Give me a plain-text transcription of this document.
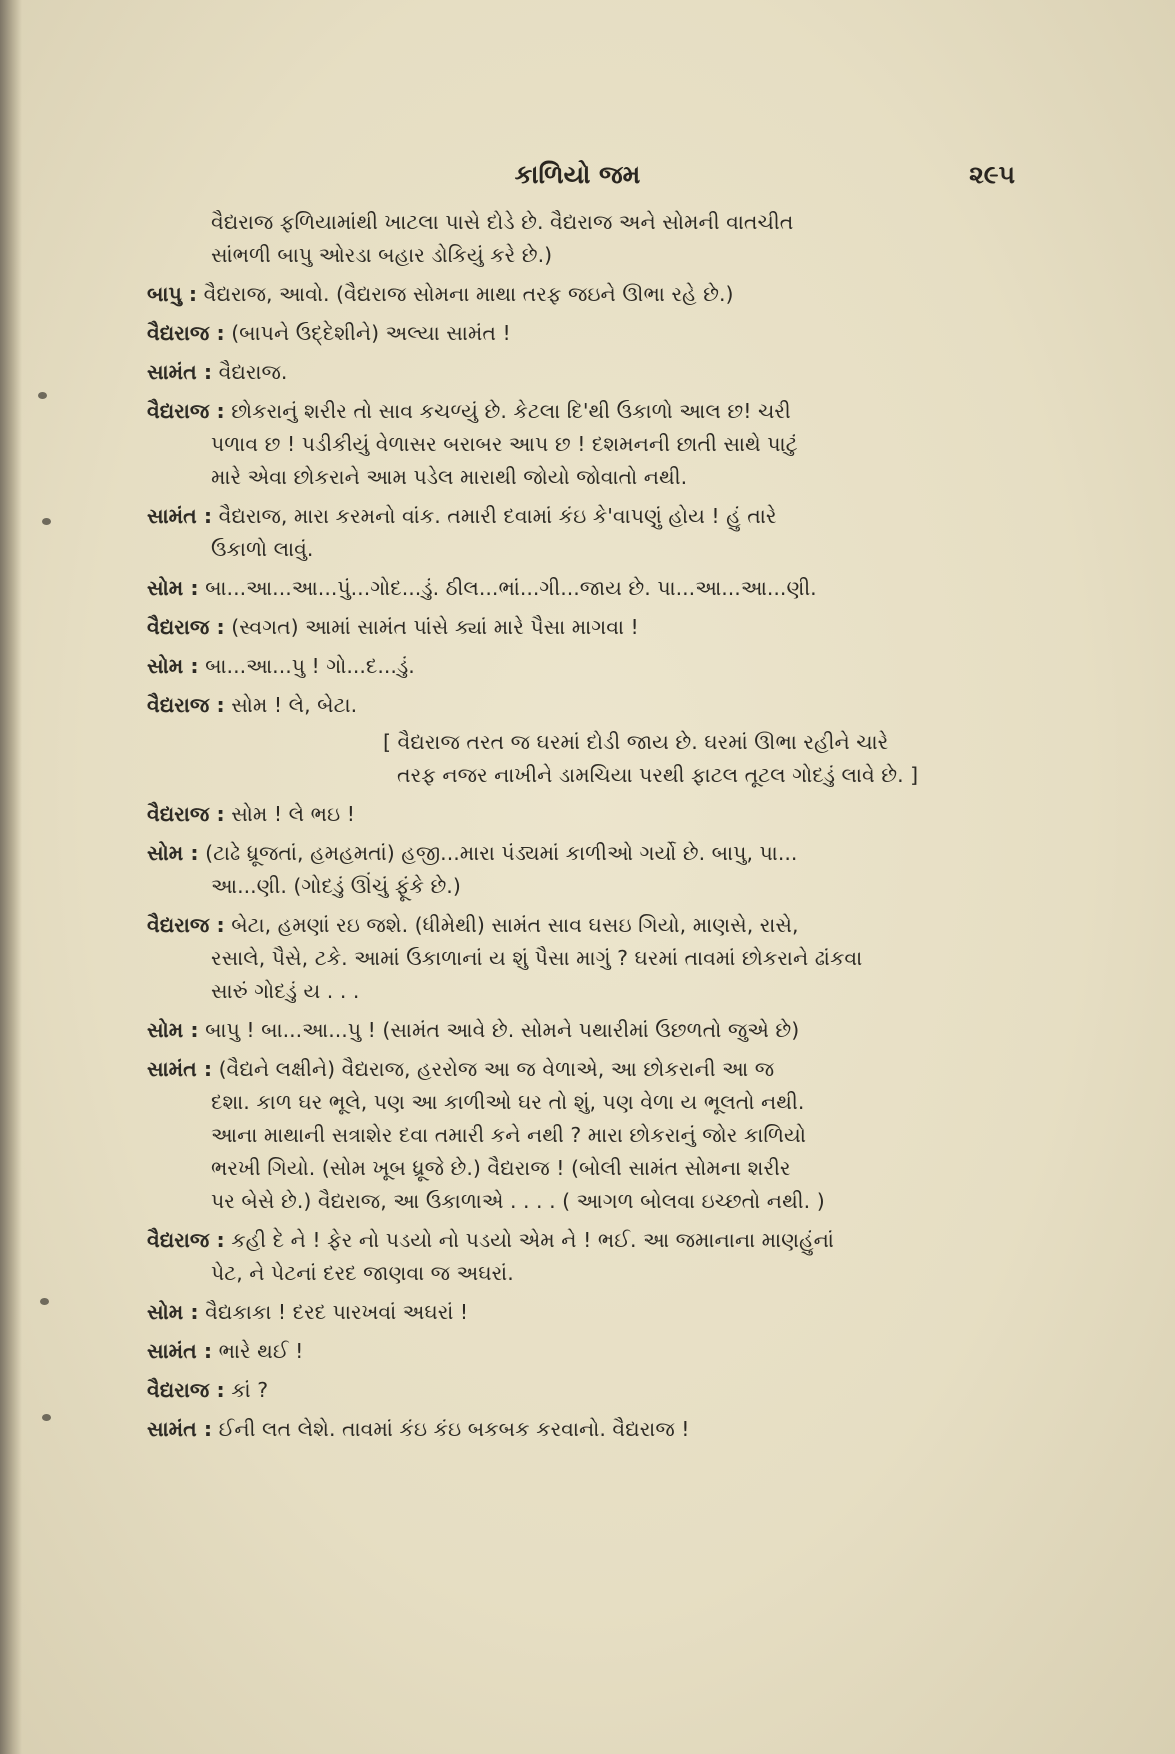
કાળિયો જમ	૨૯૫
વૈદ્યરાજ ફળિયામાંથી ખાટલા પાસે દોડે છે. વૈદ્યરાજ અને સોમની વાતચીત
સાંભળી બાપુ ઓરડા બહાર ડોકિયું કરે છે.)
બાપુ : વૈદ્યરાજ, આવો. (વૈદ્યરાજ સોમના માથા તરફ જઇને ઊભા રહે છે.)
વૈદ્યરાજ : (બાપને ઉદ્દેશીને) અલ્યા સામંત !
સામંત : વૈદ્યરાજ.
વૈદ્યરાજ : છોકરાનું શરીર તો સાવ કચળ્યું છે. કેટલા દિ'થી ઉકાળો આલ છ! ચરી
પળાવ છ ! પડીકીયું વેળાસર બરાબર આપ છ ! દશમનની છાતી સાથે પાટું
મારે એવા છોકરાને આમ પડેલ મારાથી જોયો જોવાતો નથી.
સામંત : વૈદ્યરાજ, મારા કરમનો વાંક. તમારી દવામાં કંઇ કે'વાપણું હોય ! હું તારે
ઉકાળો લાવું.
સોમ : બા...આ...આ...પું...ગોદ...ડું. ઠીલ...ભાં...ગી...જાય છે. પા...આ...આ...ણી.
વૈદ્યરાજ : (સ્વગત) આમાં સામંત પાંસે ક્યાં મારે પૈસા માગવા !
સોમ : બા...આ...પુ ! ગો...દ...ડું.
વૈદ્યરાજ : સોમ ! લે, બેટા.
[ વૈદ્યરાજ તરત જ ઘરમાં દોડી જાય છે. ઘરમાં ઊભા રહીને ચારે
તરફ નજર નાખીને ડામચિયા પરથી ફાટલ તૂટલ ગોદડું લાવે છે. ]
વૈદ્યરાજ : સોમ ! લે ભઇ !
સોમ : (ટાઢે ધ્રૂજતાં, હમહમતાં) હજી...મારા પંડ્યમાં કાળીઓ ગર્યો છે. બાપુ, પા...
આ...ણી. (ગોદડું ઊંચું ફૂંકે છે.)
વૈદ્યરાજ : બેટા, હમણાં રઇ જશે. (ધીમેથી) સામંત સાવ ઘસઇ ગિયો, માણસે, રાસે,
રસાલે, પૈસે, ટકે. આમાં ઉકાળાનાં ય શું પૈસા માગું ? ઘરમાં તાવમાં છોકરાને ઢાંકવા
સારું ગોદડું ય . . .
સોમ : બાપુ ! બા...આ...પુ ! (સામંત આવે છે. સોમને પથારીમાં ઉછળતો જુએ છે)
સામંત : (વૈદ્યને લક્ષીને) વૈદ્યરાજ, હરરોજ આ જ વેળાએ, આ છોકરાની આ જ
દશા. કાળ ઘર ભૂલે, પણ આ કાળીઓ ઘર તો શું, પણ વેળા ય ભૂલતો નથી.
આના માથાની સત્રાશેર દવા તમારી કને નથી ? મારા છોકરાનું જોર કાળિયો
ભરખી ગિયો. (સોમ ખૂબ ધ્રૂજે છે.) વૈદ્યરાજ ! (બોલી સામંત સોમના શરીર
પર બેસે છે.) વૈદ્યરાજ, આ ઉકાળાએ . . . . ( આગળ બોલવા ઇચ્છતો નથી. )
વૈદ્યરાજ : કહી દે ને ! ફેર નો પડયો નો પડયો એમ ને ! ભઈ. આ જમાનાના માણહુંનાં
પેટ, ને પેટનાં દરદ જાણવા જ અઘરાં.
સોમ : વૈદ્યકાકા ! દરદ પારખવાં અઘરાં !
સામંત : ભારે થઈ !
વૈદ્યરાજ : કાં ?
સામંત : ઈની લત લેશે. તાવમાં કંઇ કંઇ બકબક કરવાનો. વૈદ્યરાજ !
